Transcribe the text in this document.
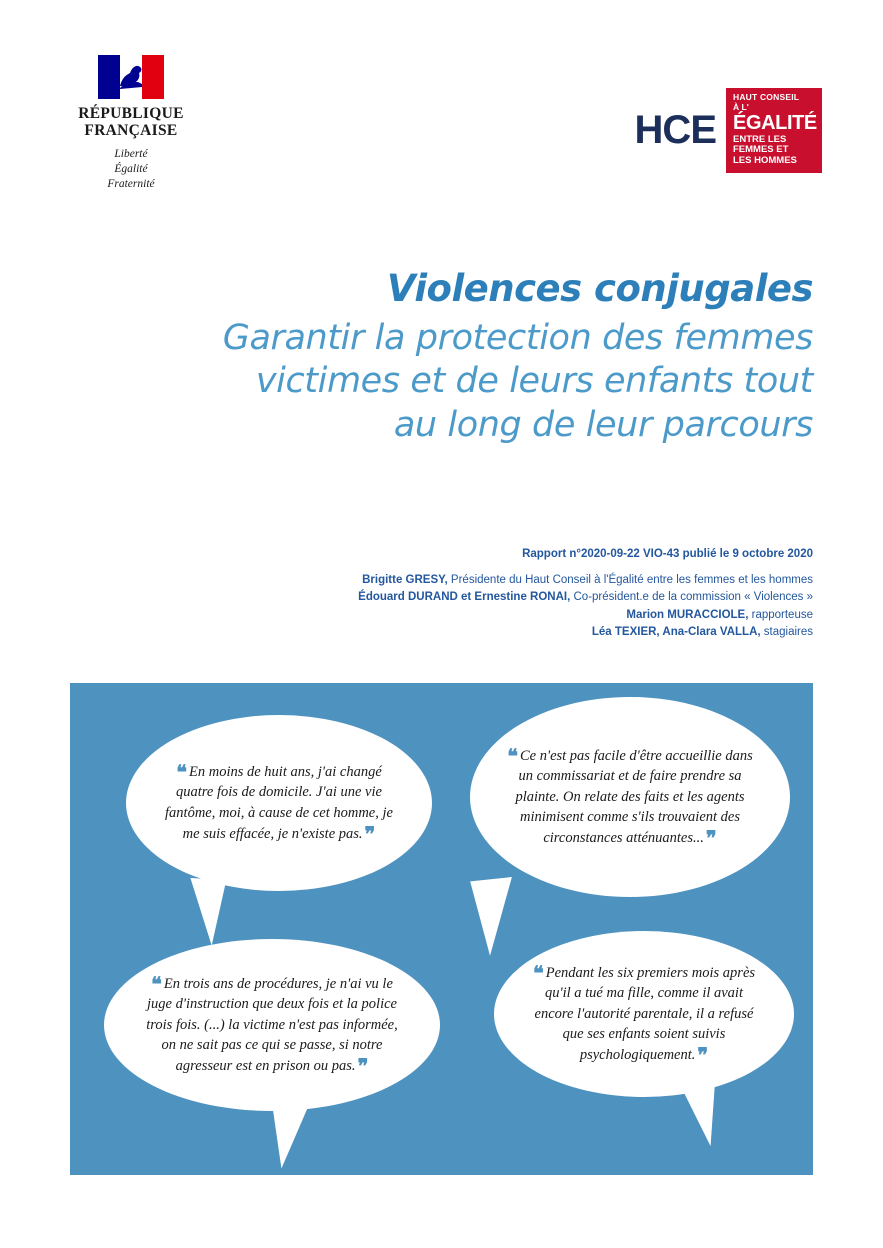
RÉPUBLIQUE
FRANÇAISE
Liberté
Égalité
Fraternité
HCE
HAUT CONSEIL
À L'
ÉGALITÉ
ENTRE LES
FEMMES ET
LES HOMMES
Violences conjugales
Garantir la protection des femmes
victimes et de leurs enfants tout
au long de leur parcours
Rapport n°2020-09-22 VIO-43 publié le 9 octobre 2020
Brigitte GRESY, Présidente du Haut Conseil à l'Égalité entre les femmes et les hommes
Édouard DURAND et Ernestine RONAI, Co-président.e de la commission « Violences »
Marion MURACCIOLE, rapporteuse
Léa TEXIER, Ana-Clara VALLA, stagiaires
❝ En moins de huit ans, j'ai changé quatre fois de domicile. J'ai une vie fantôme, moi, à cause de cet homme, je me suis effacée, je n'existe pas. ❞
❝ Ce n'est pas facile d'être accueillie dans un commissariat et de faire prendre sa plainte. On relate des faits et les agents minimisent comme s'ils trouvaient des circonstances atténuantes... ❞
❝ En trois ans de procédures, je n'ai vu le juge d'instruction que deux fois et la police trois fois. (...) la victime n'est pas informée, on ne sait pas ce qui se passe, si notre agresseur est en prison ou pas. ❞
❝ Pendant les six premiers mois après qu'il a tué ma fille, comme il avait encore l'autorité parentale, il a refusé que ses enfants soient suivis psychologiquement. ❞
